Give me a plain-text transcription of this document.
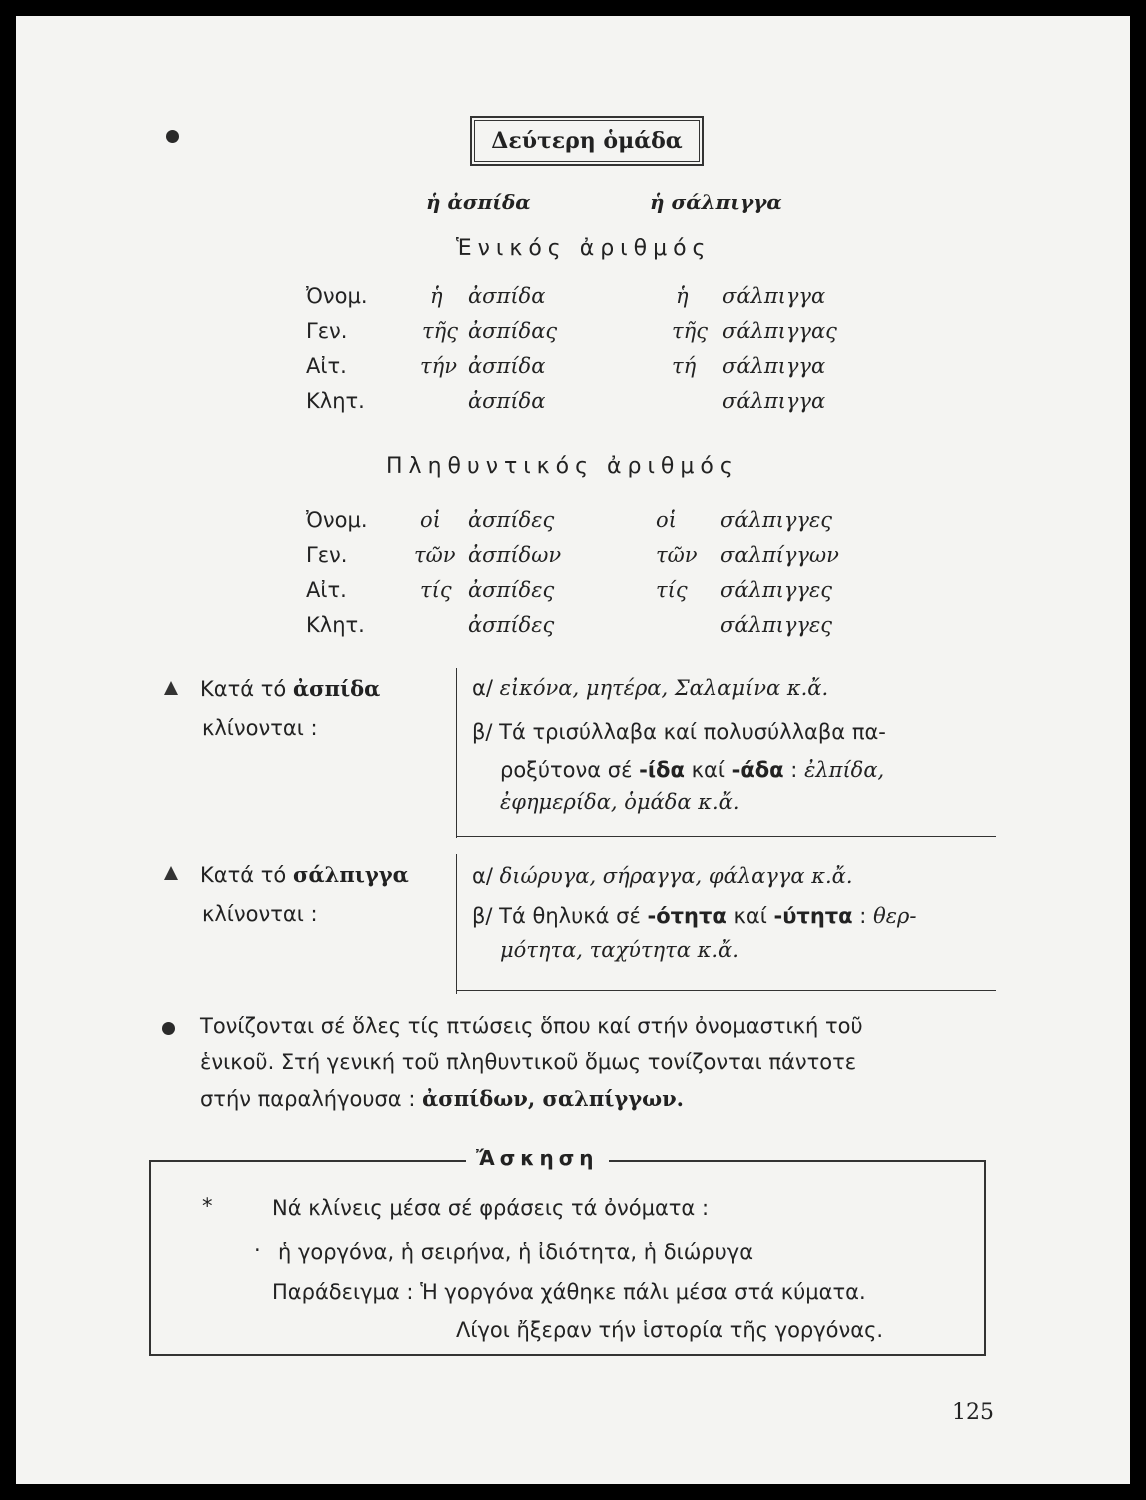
Δεύτερη ὁμάδα
ἡ ἀσπίδα	ἡ σάλπιγγα
Ἑνικός ἀριθμός
Ὀνομ.	ἡ ἀσπίδα	ἡ σάλπιγγα
Γεν.	τῆς ἀσπίδας	τῆς σάλπιγγας
Αἰτ.	τήν ἀσπίδα	τή σάλπιγγα
Κλητ.	ἀσπίδα	σάλπιγγα
Πληθυντικός ἀριθμός
Ὀνομ. οἱ ἀσπίδες	οἱ σάλπιγγες
Γεν.	τῶν ἀσπίδων	τῶν σαλπίγγων
Αἰτ.	τίς ἀσπίδες	τίς σάλπιγγες
Κλητ.	ἀσπίδες	σάλπιγγες
Κατά τό ἀσπίδα
κλίνονται :
α/ εἰκόνα, μητέρα, Σαλαμίνα κ.ἄ.
β/ Τά τρισύλλαβα καί πολυσύλλαβα πα-
ροξύτονα σέ -ίδα καί -άδα : ἐλπίδα,
ἐφημερίδα, ὁμάδα κ.ἄ.
Κατά τό σάλπιγγα
κλίνονται :
α/ διώρυγα, σήραγγα, φάλαγγα κ.ἄ.
β/ Τά θηλυκά σέ -ότητα καί -ύτητα : θερ-
μότητα, ταχύτητα κ.ἄ.
Τονίζονται σέ ὅλες τίς πτώσεις ὅπου καί στήν ὀνομαστική τοῦ
ἑνικοῦ. Στή γενική τοῦ πληθυντικοῦ ὅμως τονίζονται πάντοτε
στήν παραλήγουσα : ἀσπίδων, σαλπίγγων.
Ἄσκηση
*	Νά κλίνεις μέσα σέ φράσεις τά ὀνόματα :
· ἡ γοργόνα, ἡ σειρήνα, ἡ ἰδιότητα, ἡ διώρυγα
Παράδειγμα : Ἡ γοργόνα χάθηκε πάλι μέσα στά κύματα.
Λίγοι ἤξεραν τήν ἱστορία τῆς γοργόνας.
125
